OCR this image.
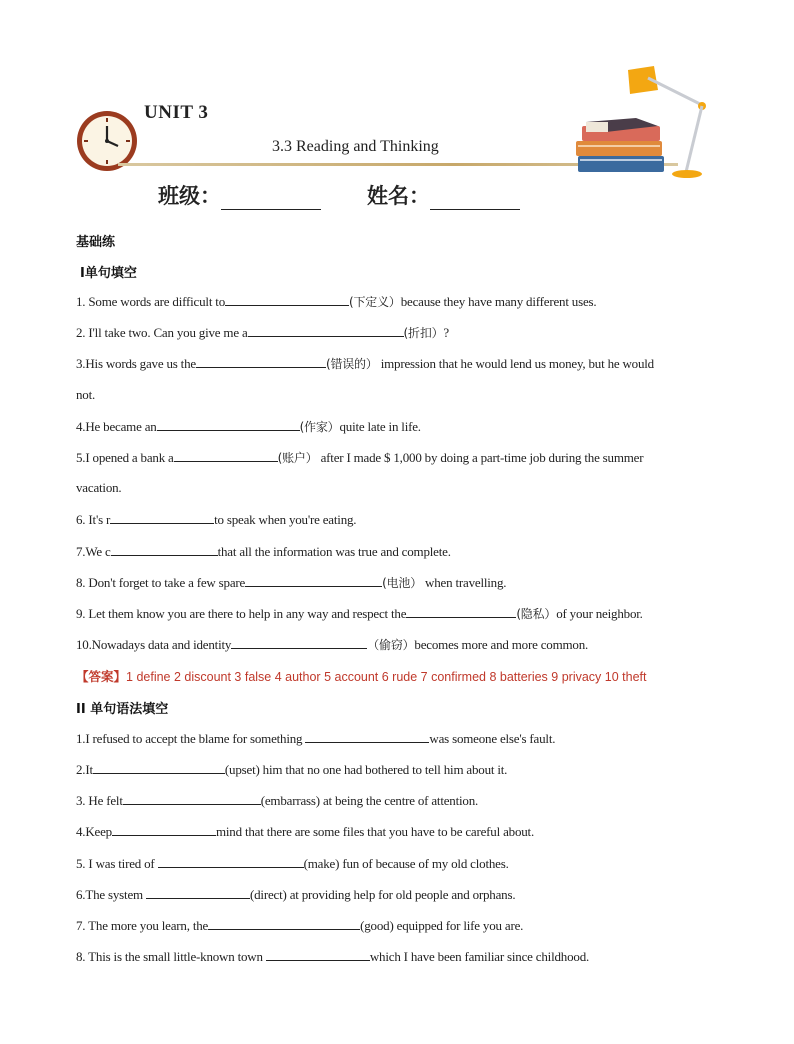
UNIT 3
3.3 Reading and Thinking
班级：	姓名：
基础练
Ⅰ单句填空
1. Some words are difficult to	(下定义）because they have many different uses.
2. I'll take two. Can you give me a	(折扣）?
3.His words gave us the	(错误的） impression that he would lend us money, but he would
not.
4.He became an	(作家）quite late in life.
5.I opened a bank a	(账户） after I made $ 1,000 by doing a part-time job during the summer
vacation.
6. It's r	to speak when you're eating.
7.We c	that all the information was true and complete.
8. Don't forget to take a few spare	(电池） when travelling.
9. Let them know you are there to help in any way and respect the	(隐私）of your neighbor.
10.Nowadays data and identity	（偷窃）becomes more and more common.
【答案】1 define 2 discount 3 false 4 author 5 account 6 rude 7 confirmed 8 batteries 9 privacy 10 theft
II 单句语法填空
1.I refused to accept the blame for something	was someone else's fault.
2.It	(upset) him that no one had bothered to tell him about it.
3. He felt	(embarrass) at being the centre of attention.
4.Keep	mind that there are some files that you have to be careful about.
5. I was tired of	(make) fun of because of my old clothes.
6.The system	(direct) at providing help for old people and orphans.
7. The more you learn, the	(good) equipped for life you are.
8. This is the small little-known town	which I have been familiar since childhood.
